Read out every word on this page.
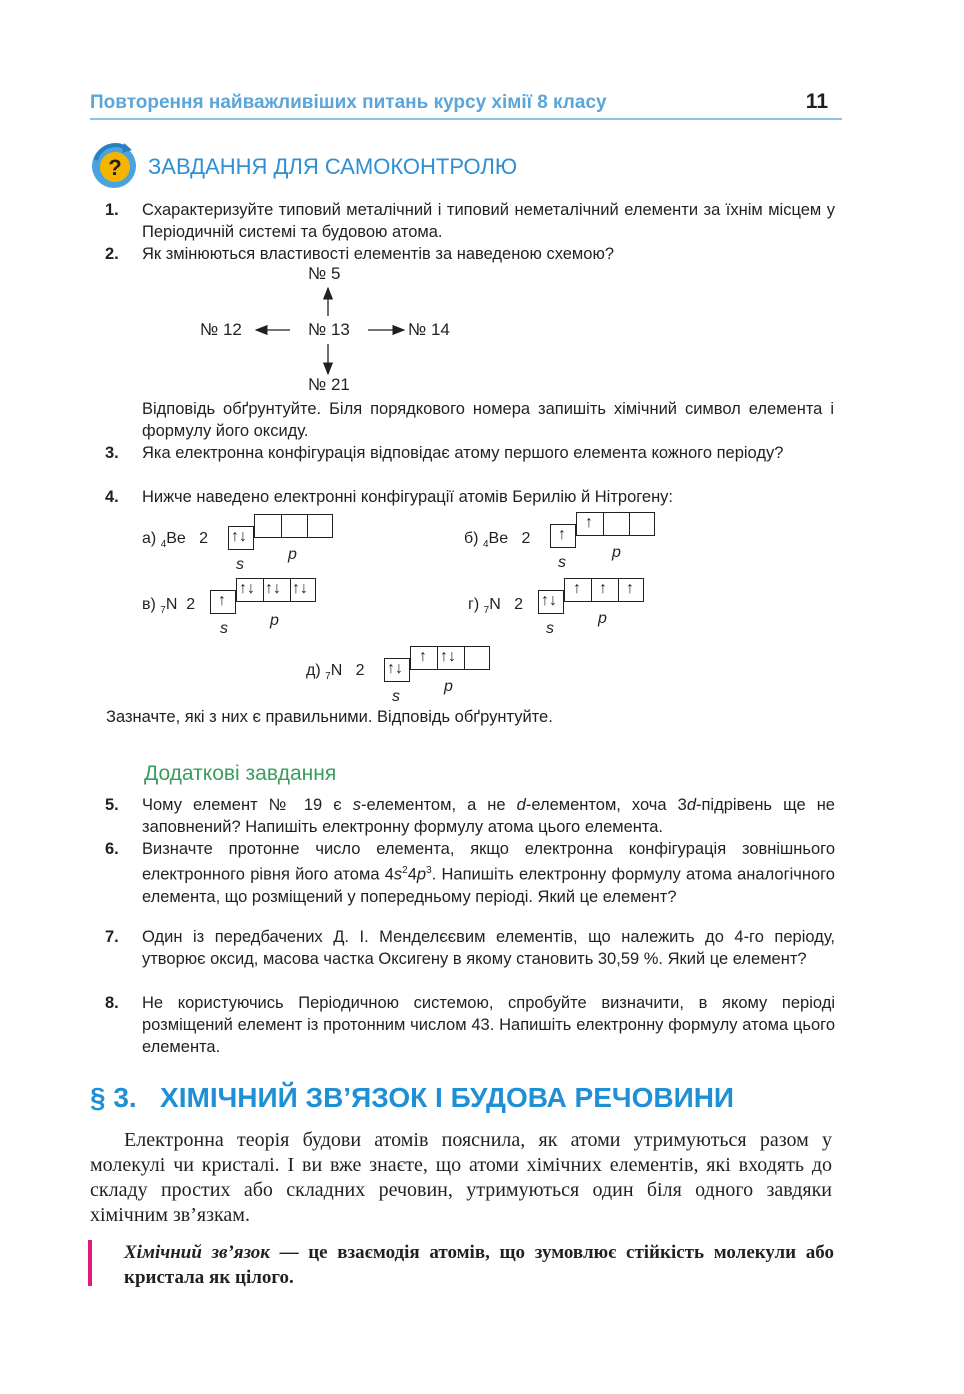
Повторення найважливіших питань курсу хімії 8 класу	11
? ЗАВДАННЯ ДЛЯ САМОКОНТРОЛЮ
1.	Схарактеризуйте типовий металічний і типовий неметалічний елементи за їхнім місцем у Періодичній системі та будовою атома.
2.	Як змінюються властивості елементів за наведеною схемою?
№ 5
№ 12	№ 13	№ 14
№ 21
Відповідь обґрунтуйте. Біля порядкового номера запишіть хімічний символ елемента і формулу його оксиду.
3.	Яка електронна конфігурація відповідає атому першого елемента кожного періоду?
4.	Нижче наведено електронні конфігурації атомів Берилію й Нітрогену:
а) $_4$Be 2 ↑↓
s
p
б) $_4$Be 2 ↑
↑
s
p
в) $_7$N 2 ↑
↑↓ ↑↓ ↑↓
s	p
г) $_7$N 2 ↑↓
↑ ↑ ↑
s
p
д) $_7$N 2 ↑↓
↑ ↑↓
s
p
Зазначте, які з них є правильними. Відповідь обґрунтуйте.
Додаткові завдання
5.	Чому елемент № 19 є s-елементом, а не d-елементом, хоча 3d-підрівень ще не заповнений? Напишіть електронну формулу атома цього елемента.
6.	Визначте протонне число елемента, якщо електронна конфігурація зовнішнього електронного рівня його атома $4s^24p^3$. Напишіть електронну формулу атома аналогічного елемента, що розміщений у попередньому періоді. Який це елемент?
7.	Один із передбачених Д. І. Менделєєвим елементів, що належить до 4-го періоду, утворює оксид, масова частка Оксигену в якому становить 30,59 %. Який це елемент?
8.	Не користуючись Періодичною системою, спробуйте визначити, в якому періоді розміщений елемент із протонним числом 43. Напишіть електронну формулу атома цього елемента.
§ 3.   ХІМІЧНИЙ ЗВ’ЯЗОК І БУДОВА РЕЧОВИНИ
Електронна теорія будови атомів пояснила, як атоми утримуються разом у молекулі чи кристалі. І ви вже знаєте, що атоми хімічних елементів, які входять до складу простих або складних речовин, утримуються один біля одного завдяки хімічним зв’язкам.
Хімічний зв’язок — це взаємодія атомів, що зумовлює стійкість молекули або кристала як цілого.
